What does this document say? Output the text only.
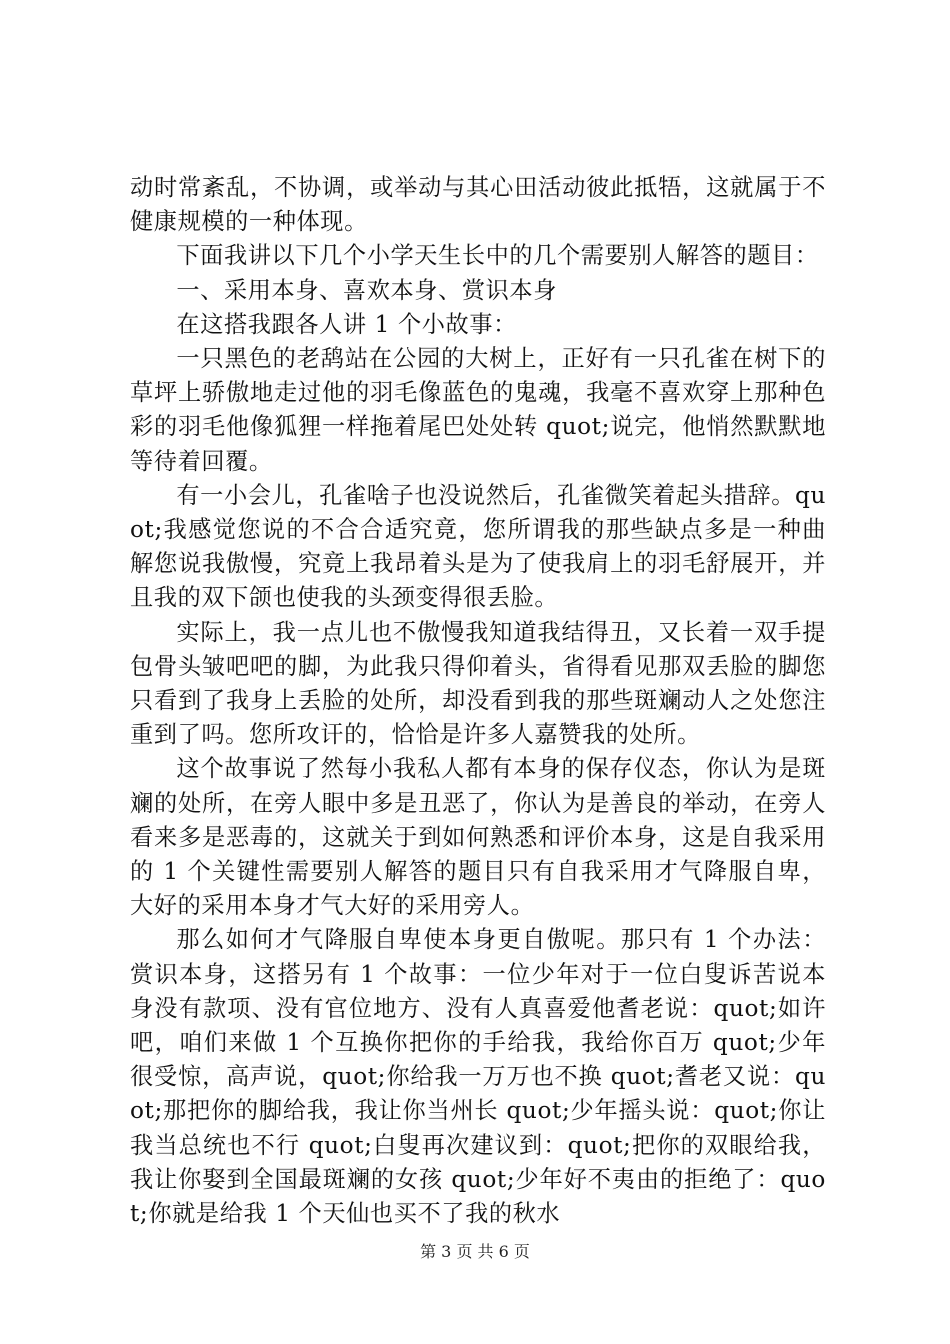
动时常紊乱，不协调，或举动与其心田活动彼此抵牾，这就属于不健康规模的一种体现。

下面我讲以下几个小学天生长中的几个需要别人解答的题目：

一、采用本身、喜欢本身、赏识本身

在这搭我跟各人讲 1 个小故事：

一只黑色的老鸹站在公园的大树上，正好有一只孔雀在树下的草坪上骄傲地走过他的羽毛像蓝色的鬼魂，我毫不喜欢穿上那种色彩的羽毛他像狐狸一样拖着尾巴处处转 quot;说完，他悄然默默地等待着回覆。

有一小会儿，孔雀啥子也没说然后，孔雀微笑着起头措辞。quot;我感觉您说的不合合适究竟，您所谓我的那些缺点多是一种曲解您说我傲慢，究竟上我昂着头是为了使我肩上的羽毛舒展开，并且我的双下颌也使我的头颈变得很丢脸。

实际上，我一点儿也不傲慢我知道我结得丑，又长着一双手提包骨头皱吧吧的脚，为此我只得仰着头，省得看见那双丢脸的脚您只看到了我身上丢脸的处所，却没看到我的那些斑斓动人之处您注重到了吗。您所攻讦的，恰恰是许多人嘉赞我的处所。

这个故事说了然每小我私人都有本身的保存仪态，你认为是斑斓的处所，在旁人眼中多是丑恶了，你认为是善良的举动，在旁人看来多是恶毒的，这就关于到如何熟悉和评价本身，这是自我采用的 1 个关键性需要别人解答的题目只有自我采用才气降服自卑，大好的采用本身才气大好的采用旁人。

那么如何才气降服自卑使本身更自傲呢。那只有 1 个办法：赏识本身，这搭另有 1 个故事：一位少年对于一位白叟诉苦说本身没有款项、没有官位地方、没有人真喜爱他耆老说：quot;如许吧，咱们来做 1 个互换你把你的手给我，我给你百万 quot;少年很受惊，高声说，quot;你给我一万万也不换 quot;耆老又说：quot;那把你的脚给我，我让你当州长 quot;少年摇头说：quot;你让我当总统也不行 quot;白叟再次建议到：quot;把你的双眼给我，我让你娶到全国最斑斓的女孩 quot;少年好不夷由的拒绝了：quot;你就是给我 1 个天仙也买不了我的秋水

第 3 页 共 6 页
